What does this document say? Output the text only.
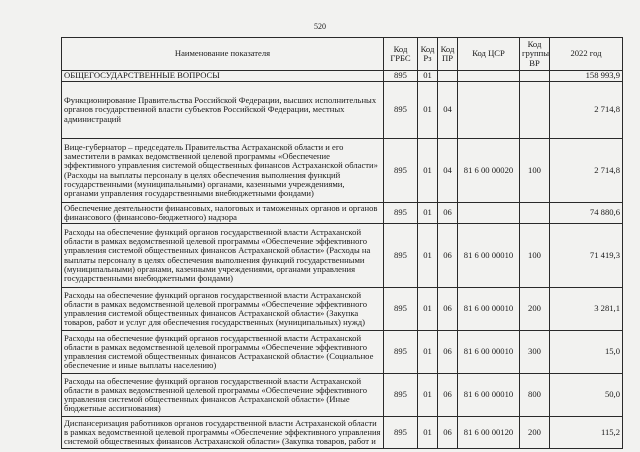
520
Наименование показателя	Код ГРБС	Код Рз	Код ПР	Код ЦСР	Код группы ВР	2022 год
ОБЩЕГОСУДАРСТВЕННЫЕ ВОПРОСЫ	895	01				158 993,9
Функционирование Правительства Российской Федерации, высших исполнительных органов государственной власти субъектов Российской Федерации, местных администраций	895	01	04			2 714,8
Вице-губернатор – председатель Правительства Астраханской области и его заместители в рамках ведомственной целевой программы «Обеспечение эффективного управления системой общественных финансов Астраханской области» (Расходы на выплаты персоналу в целях обеспечения выполнения функций государственными (муниципальными) органами, казенными учреждениями, органами управления государственными внебюджетными фондами)	895	01	04	81 6 00 00020	100	2 714,8
Обеспечение деятельности финансовых, налоговых и таможенных органов и органов финансового (финансово-бюджетного) надзора	895	01	06			74 880,6
Расходы на обеспечение функций органов государственной власти Астраханской области в рамках ведомственной целевой программы «Обеспечение эффективного управления системой общественных финансов Астраханской области» (Расходы на выплаты персоналу в целях обеспечения выполнения функций государственными (муниципальными) органами, казенными учреждениями, органами управления государственными внебюджетными фондами)	895	01	06	81 6 00 00010	100	71 419,3
Расходы на обеспечение функций органов государственной власти Астраханской области в рамках ведомственной целевой программы «Обеспечение эффективного управления системой общественных финансов Астраханской области» (Закупка товаров, работ и услуг для обеспечения государственных (муниципальных) нужд)	895	01	06	81 6 00 00010	200	3 281,1
Расходы на обеспечение функций органов государственной власти Астраханской области в рамках ведомственной целевой программы «Обеспечение эффективного управления системой общественных финансов Астраханской области» (Социальное обеспечение и иные выплаты населению)	895	01	06	81 6 00 00010	300	15,0
Расходы на обеспечение функций органов государственной власти Астраханской области в рамках ведомственной целевой программы «Обеспечение эффективного управления системой общественных финансов Астраханской области» (Иные бюджетные ассигнования)	895	01	06	81 6 00 00010	800	50,0
Диспансеризация работников органов государственной власти Астраханской области в рамках ведомственной целевой программы «Обеспечение эффективного управления системой общественных финансов Астраханской области» (Закупка товаров, работ и	895	01	06	81 6 00 00120	200	115,2
